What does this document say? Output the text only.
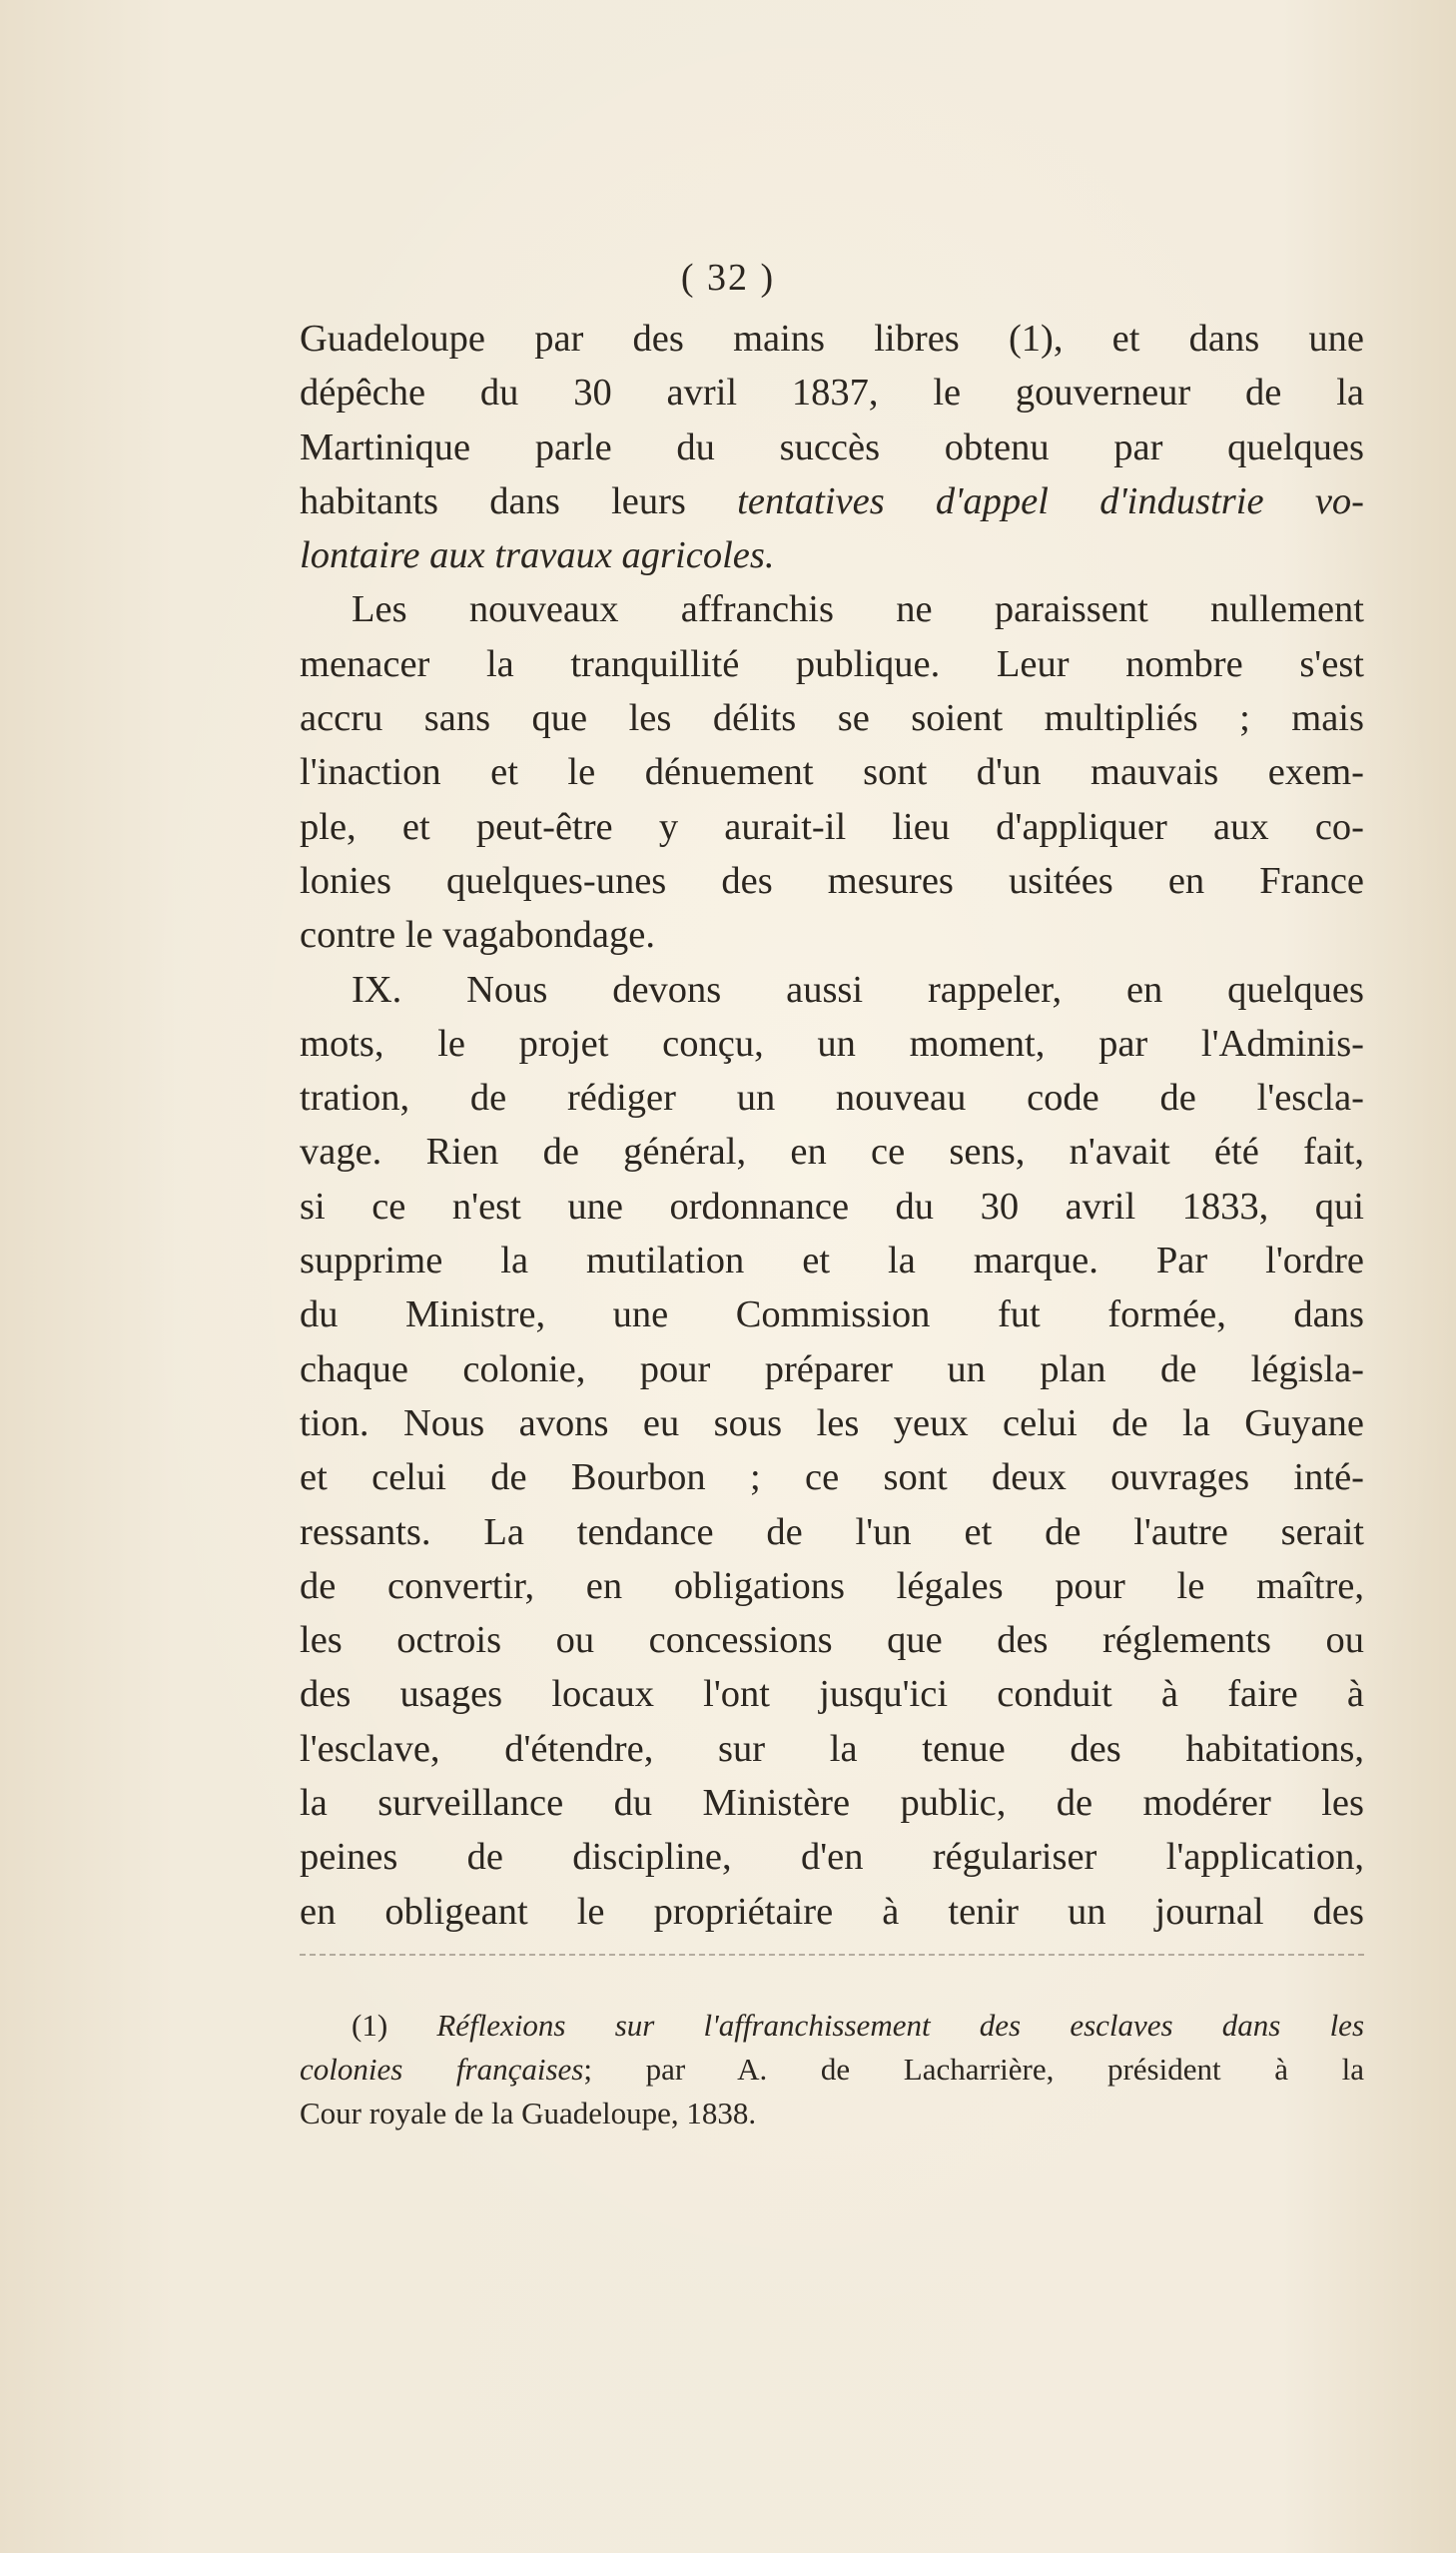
( 32 )
Guadeloupe par des mains libres (1), et dans une
dépêche du 30 avril 1837, le gouverneur de la
Martinique parle du succès obtenu par quelques
habitants dans leurs tentatives d'appel d'industrie vo-
lontaire aux travaux agricoles.
Les nouveaux affranchis ne paraissent nullement
menacer la tranquillité publique. Leur nombre s'est
accru sans que les délits se soient multipliés ; mais
l'inaction et le dénuement sont d'un mauvais exem-
ple, et peut-être y aurait-il lieu d'appliquer aux co-
lonies quelques-unes des mesures usitées en France
contre le vagabondage.
IX. Nous devons aussi rappeler, en quelques
mots, le projet conçu, un moment, par l'Adminis-
tration, de rédiger un nouveau code de l'escla-
vage. Rien de général, en ce sens, n'avait été fait,
si ce n'est une ordonnance du 30 avril 1833, qui
supprime la mutilation et la marque. Par l'ordre
du Ministre, une Commission fut formée, dans
chaque colonie, pour préparer un plan de législa-
tion. Nous avons eu sous les yeux celui de la Guyane
et celui de Bourbon ; ce sont deux ouvrages inté-
ressants. La tendance de l'un et de l'autre serait
de convertir, en obligations légales pour le maître,
les octrois ou concessions que des réglements ou
des usages locaux l'ont jusqu'ici conduit à faire à
l'esclave, d'étendre, sur la tenue des habitations,
la surveillance du Ministère public, de modérer les
peines de discipline, d'en régulariser l'application,
en obligeant le propriétaire à tenir un journal des
(1) Réflexions sur l'affranchissement des esclaves dans les
colonies françaises; par A. de Lacharrière, président à la
Cour royale de la Guadeloupe, 1838.
